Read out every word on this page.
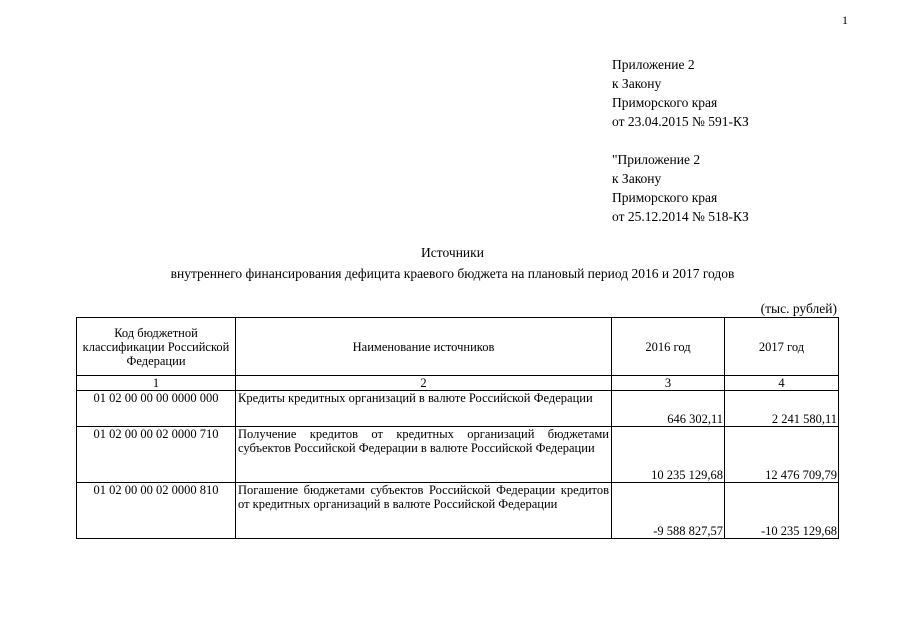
1
Приложение 2
к Закону
Приморского края
от 23.04.2015 № 591-КЗ
"Приложение 2
к Закону
Приморского края
от 25.12.2014 № 518-КЗ
Источники
внутреннего финансирования дефицита краевого бюджета на плановый период 2016 и 2017 годов
(тыс. рублей)
Код бюджетной классификации Российской Федерации	Наименование источников	2016 год	2017 год
1	2	3	4
01 02 00 00 00 0000 000	Кредиты кредитных организаций в валюте Российской Федерации	646 302,11	2 241 580,11
01 02 00 00 02 0000 710	Получение кредитов от кредитных организаций бюджетами субъектов Российской Федерации в валюте Российской Федерации	10 235 129,68	12 476 709,79
01 02 00 00 02 0000 810	Погашение бюджетами субъектов Российской Федерации кредитов от кредитных организаций в валюте Российской Федерации	-9 588 827,57	-10 235 129,68
